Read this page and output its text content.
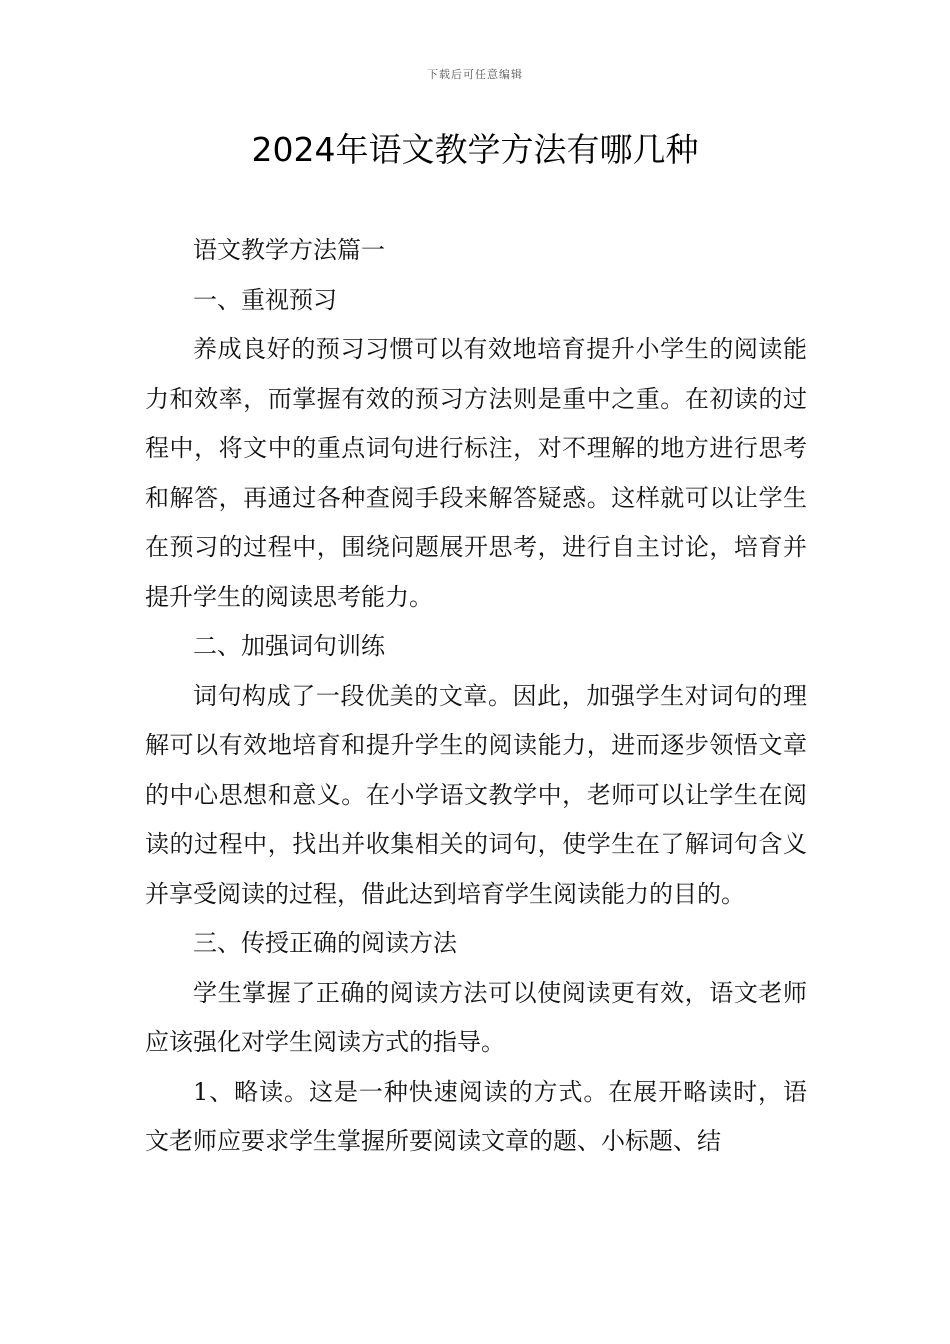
下载后可任意编辑
2024年语文教学方法有哪几种

语文教学方法篇一

一、重视预习

养成良好的预习习惯可以有效地培育提升小学生的阅读能力和效率，而掌握有效的预习方法则是重中之重。在初读的过程中，将文中的重点词句进行标注，对不理解的地方进行思考和解答，再通过各种查阅手段来解答疑惑。这样就可以让学生在预习的过程中，围绕问题展开思考，进行自主讨论，培育并提升学生的阅读思考能力。

二、加强词句训练

词句构成了一段优美的文章。因此，加强学生对词句的理解可以有效地培育和提升学生的阅读能力，进而逐步领悟文章的中心思想和意义。在小学语文教学中，老师可以让学生在阅读的过程中，找出并收集相关的词句，使学生在了解词句含义并享受阅读的过程，借此达到培育学生阅读能力的目的。

三、传授正确的阅读方法

学生掌握了正确的阅读方法可以使阅读更有效，语文老师应该强化对学生阅读方式的指导。

1、略读。这是一种快速阅读的方式。在展开略读时，语文老师应要求学生掌握所要阅读文章的题、小标题、结
